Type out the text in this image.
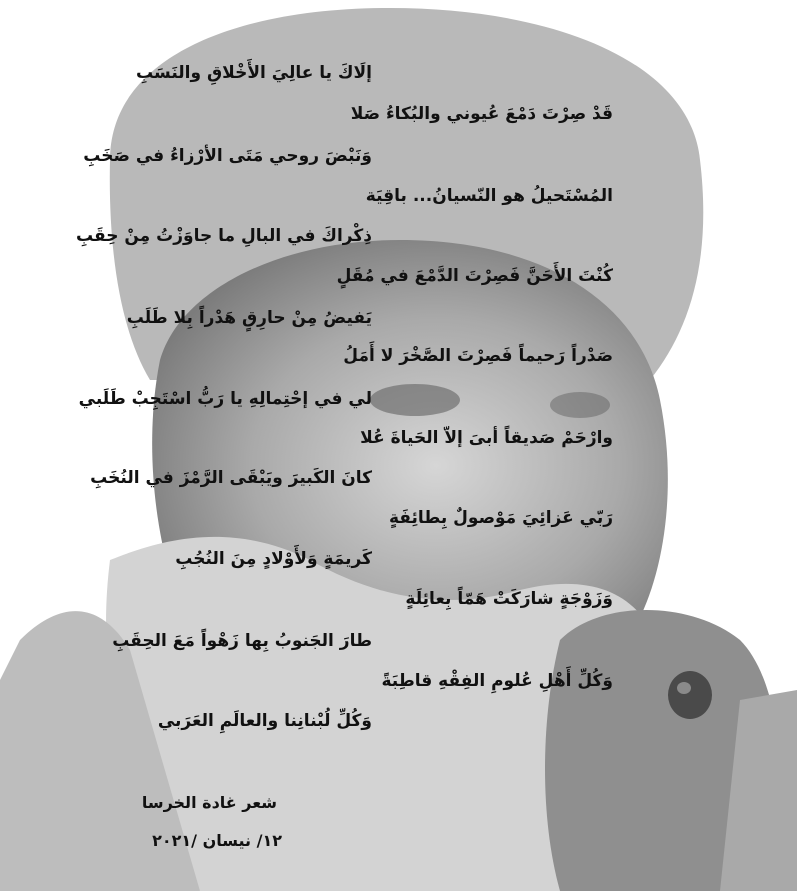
إلَاكَ يا عالِيَ الأَخْلاقِ والنَسَبِ
قَدْ صِرْتَ دَمْعَ عُيوني والبُكاءُ صَلا
وَنَبْضَ روحي مَتَى الأرْزاءُ في صَخَبِ
المُسْتَحيلُ هو النّسيانُ... باقِيَة
ذِكْراكَ في البالِ ما جاوَزْتُ مِنْ حِقَبِ
كُنْتَ الأَحَنَّ فَصِرْتَ الدَّمْعَ في مُقَلٍ
يَفيضُ مِنْ حارِقٍ هَدْراً بِلا طَلَبِ
صَدْراً رَحيماً فَصِرْتَ الصَّخْرَ لا أَمَلُ
لي في إحْتِمالِهِ يا رَبُّ اسْتَجِبْ طَلَبي
وارْحَمْ صَديقاً أبىَ إلاّ الحَياةَ عُلا
كانَ الكَبيرَ ويَبْقَى الرَّمْزَ في النُخَبِ
رَبّي عَزائِيَ مَوْصولٌ بِطائِفَةٍ
كَريمَةٍ وَلأَوْلادٍ مِنَ النُجُبِ
وَزَوْجَةٍ شارَكَتْ هَمّاً بِعائِلَةٍ
طارَ الجَنوبُ بِها زَهْواً مَعَ الحِقَبِ
وَكُلِّ أَهْلِ عُلومِ الفِقْهِ قاطِبَةً
وَكُلِّ لُبْنانِنا والعالَمِ العَرَبي
شعر غادة الخرسا
١٢/ نيسان /٢٠٢١
